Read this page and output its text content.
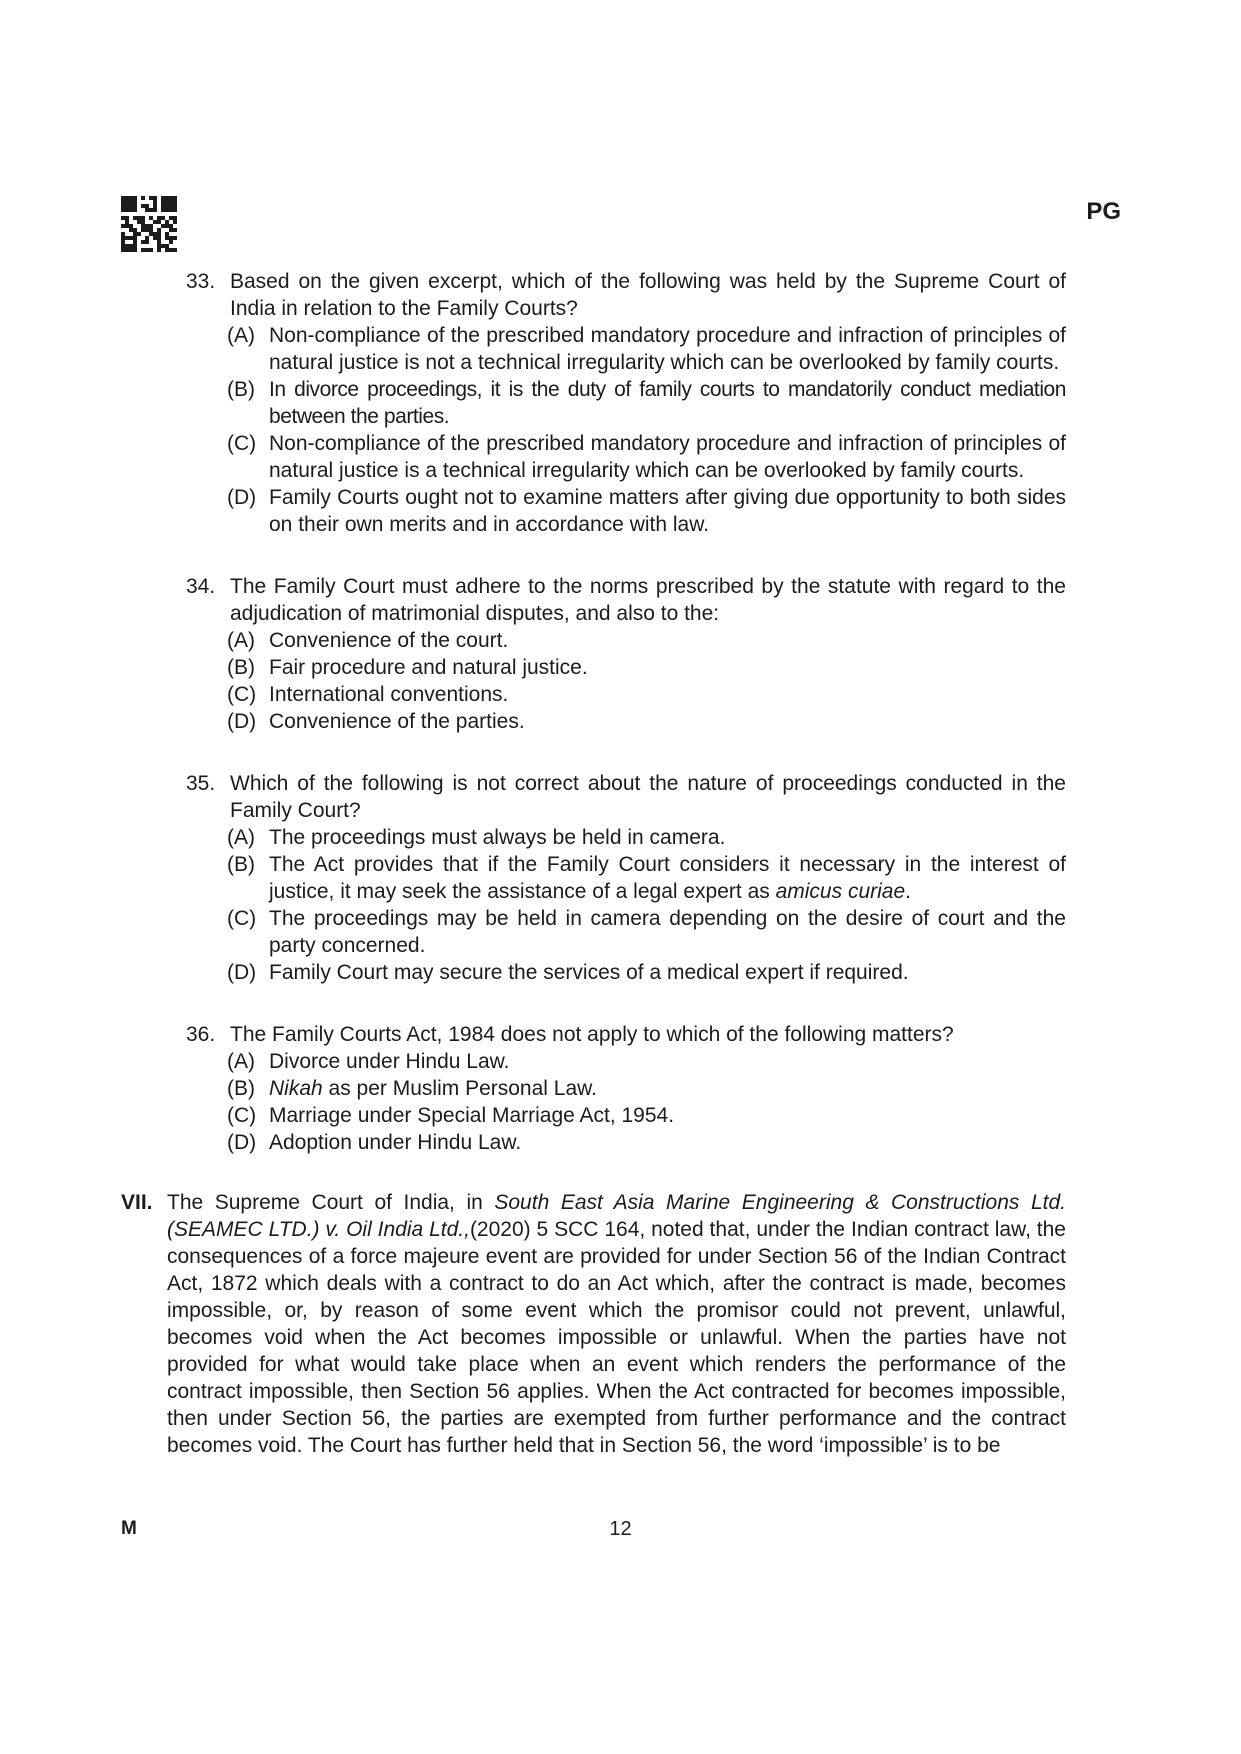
PG
33. Based on the given excerpt, which of the following was held by the Supreme Court of India in relation to the Family Courts?
(A) Non-compliance of the prescribed mandatory procedure and infraction of principles of natural justice is not a technical irregularity which can be overlooked by family courts.
(B) In divorce proceedings, it is the duty of family courts to mandatorily conduct mediation between the parties.
(C) Non-compliance of the prescribed mandatory procedure and infraction of principles of natural justice is a technical irregularity which can be overlooked by family courts.
(D) Family Courts ought not to examine matters after giving due opportunity to both sides on their own merits and in accordance with law.
34. The Family Court must adhere to the norms prescribed by the statute with regard to the adjudication of matrimonial disputes, and also to the:
(A) Convenience of the court.
(B) Fair procedure and natural justice.
(C) International conventions.
(D) Convenience of the parties.
35. Which of the following is not correct about the nature of proceedings conducted in the Family Court?
(A) The proceedings must always be held in camera.
(B) The Act provides that if the Family Court considers it necessary in the interest of justice, it may seek the assistance of a legal expert as amicus curiae.
(C) The proceedings may be held in camera depending on the desire of court and the party concerned.
(D) Family Court may secure the services of a medical expert if required.
36. The Family Courts Act, 1984 does not apply to which of the following matters?
(A) Divorce under Hindu Law.
(B) Nikah as per Muslim Personal Law.
(C) Marriage under Special Marriage Act, 1954.
(D) Adoption under Hindu Law.
VII. The Supreme Court of India, in South East Asia Marine Engineering & Constructions Ltd. (SEAMEC LTD.) v. Oil India Ltd.,(2020) 5 SCC 164, noted that, under the Indian contract law, the consequences of a force majeure event are provided for under Section 56 of the Indian Contract Act, 1872 which deals with a contract to do an Act which, after the contract is made, becomes impossible, or, by reason of some event which the promisor could not prevent, unlawful, becomes void when the Act becomes impossible or unlawful. When the parties have not provided for what would take place when an event which renders the performance of the contract impossible, then Section 56 applies. When the Act contracted for becomes impossible, then under Section 56, the parties are exempted from further performance and the contract becomes void. The Court has further held that in Section 56, the word ‘impossible’ is to be
M	12
